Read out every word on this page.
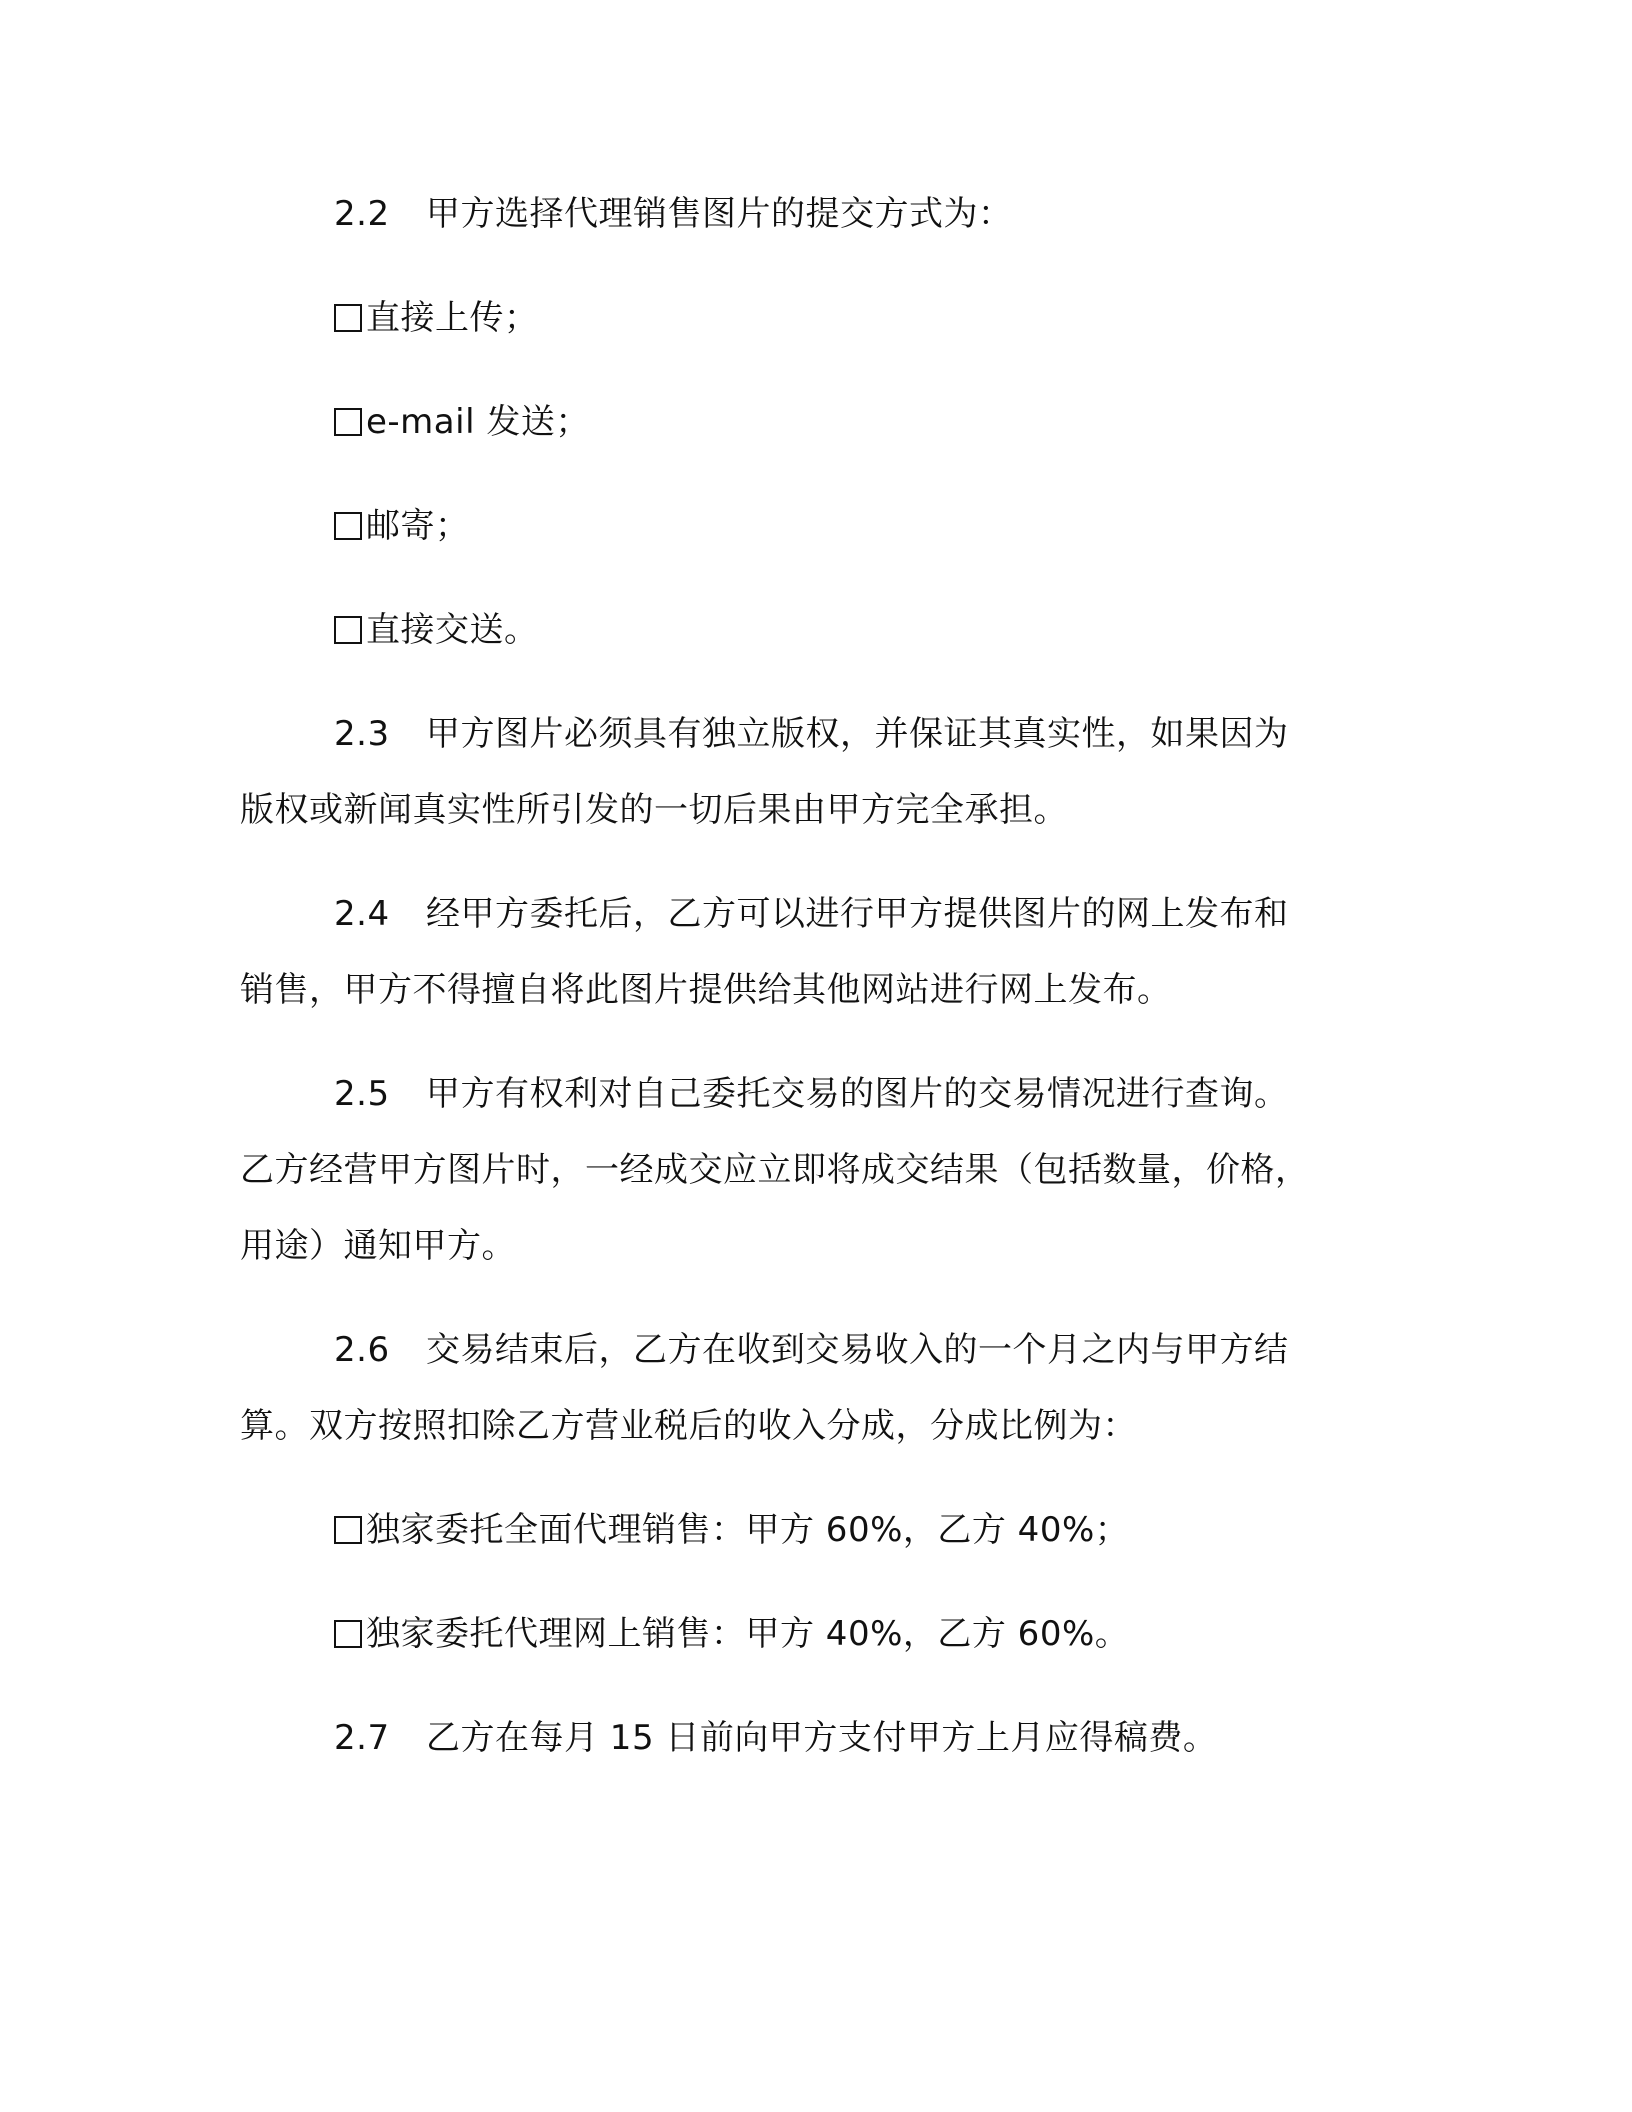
2.2 甲方选择代理销售图片的提交方式为：
直接上传；
e-mail 发送；
邮寄；
直接交送。
2.3 甲方图片必须具有独立版权，并保证其真实性，如果因为
版权或新闻真实性所引发的一切后果由甲方完全承担。
2.4 经甲方委托后，乙方可以进行甲方提供图片的网上发布和
销售，甲方不得擅自将此图片提供给其他网站进行网上发布。
2.5 甲方有权利对自己委托交易的图片的交易情况进行查询。
乙方经营甲方图片时，一经成交应立即将成交结果（包括数量，价格，
用途）通知甲方。
2.6 交易结束后，乙方在收到交易收入的一个月之内与甲方结
算。双方按照扣除乙方营业税后的收入分成，分成比例为：
独家委托全面代理销售：甲方 60%，乙方 40%；
独家委托代理网上销售：甲方 40%，乙方 60%。
2.7 乙方在每月 15 日前向甲方支付甲方上月应得稿费。
